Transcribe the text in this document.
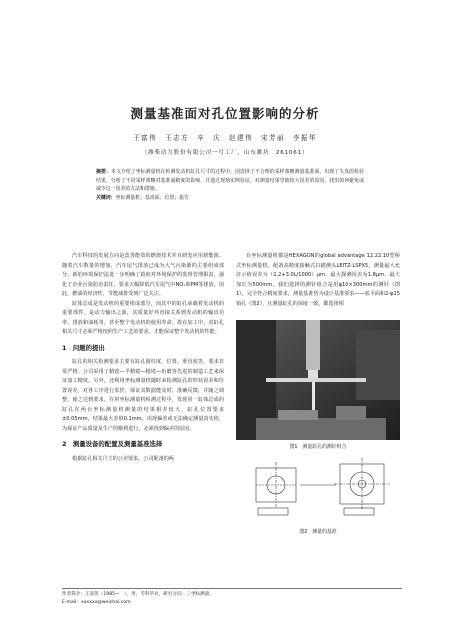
测量基准面对孔位置影响的分析
王富伟　王志方　辛　庆　赵建伟　宋芳丽　李振华
（潍柴动力股份有限公司一号工厂，山东潍坊　261061）
摘要：本文介绍了坐标测量机在检测发动机缸孔尺寸的过程中，因选择了不合理的采样策略测量基准面，出现了失真的检验结果，分析了不同采样策略对基准面精度的影响，并通过现场实例验证，对测量结果导致较大误差的原因，找出如何避免或减少这一误差的方法和措施。
关键词：坐标测量机；基准面；位置；报告

汽车科技的发展方向是改善能效的燃烧技术并且研发应用新能源。随着汽车数量的增加，汽车尾气排放已成为大气污染源的主要组成部分，新的环境保护法进一步明确了政府对环境保护的监督管理职责，强化了企业污染防治责任，要求大幅降低汽车尾气中NOₓ和PM等排放，因此，燃油的经济性，节能减排受到广泛关注。

缸体总成是发动机的重要组成部分，而其中的缸孔承载着发动机的重要部件，是动力输出之源，其质量好坏直接关系到发动机的输出功率、排放和油耗等，甚至整个发动机的使用寿命。故在加工中，对缸孔相关尺寸必须严格按照生产工艺的要求，才能保证整个发动机的性能。

1　问题的提出

缸孔的相关检测要求主要有缸孔圆柱度、位置、垂直度等，要求非常严格。公司采用了精镗—半精镗—精镗—珩磨等先进的制造工艺来保证加工精度。另外，还利用坐标测量机随时来检测缸孔的形状误差和位置误差，对各工序进行监控，保证其数据能及时、准确反馈，并随之调整，使之达到要求。在用坐标测量机检测过程中，发现同一缸体总成的缸孔在两台坐标测量机测量的结果相差较大，缸孔位置要求±0.05mm，结果最大差值0.1mm，出现偏差或无法确定测量真实值，为保证产品质量及生产的顺利进行，必须找到偏差的原因。

2　测量设备的配置及测量基准选择

根据缸孔相关尺寸的公差要求，公司配备的两

台坐标测量机都是HEXAGON的global advantage 12.22.10型桥式坐标测量机，配备高精度接触式扫描测头LEITZ-LSPX5，测量最大允许示值误差为（2.2+3.0L/1000）μm，最大探测误差为1.8μm，最大加长为500mm。我们选择的测针组合是用φ10×300mm的测针（图1），完全符合精度要求，测量基准皆为设计基准要求——底平面和2-φ15销孔（图2），且测量缸孔的深度一致，都选择相

图1　测量缸孔的测针组合
图2　测量的基准
作者简介：王富伟（1985—　），男，专科毕业，研究方向：三坐标测量。
E-mail：xxxxxx@weichai.com
